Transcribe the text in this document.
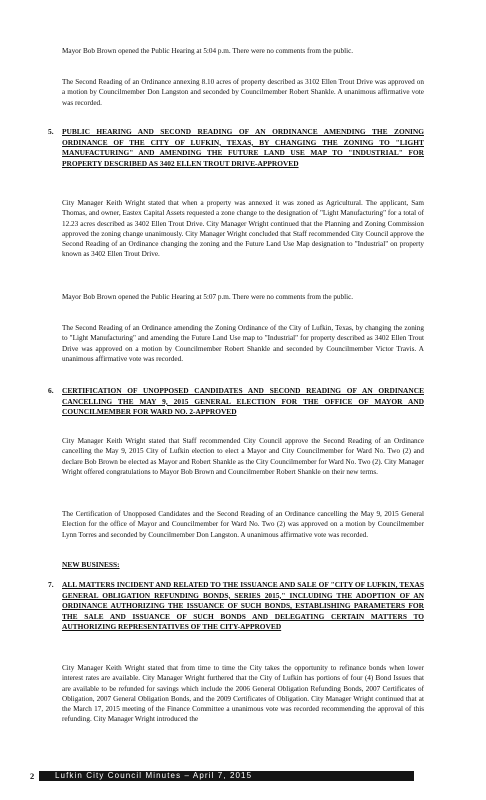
Mayor Bob Brown opened the Public Hearing at 5:04 p.m. There were no comments from the public.

The Second Reading of an Ordinance annexing 8.10 acres of property described as 3102 Ellen Trout Drive was approved on a motion by Councilmember Don Langston and seconded by Councilmember Robert Shankle. A unanimous affirmative vote was recorded.

5. PUBLIC HEARING AND SECOND READING OF AN ORDINANCE AMENDING THE ZONING ORDINANCE OF THE CITY OF LUFKIN, TEXAS, BY CHANGING THE ZONING TO "LIGHT MANUFACTURING" AND AMENDING THE FUTURE LAND USE MAP TO "INDUSTRIAL" FOR PROPERTY DESCRIBED AS 3402 ELLEN TROUT DRIVE-APPROVED

City Manager Keith Wright stated that when a property was annexed it was zoned as Agricultural. The applicant, Sam Thomas, and owner, Eastex Capital Assets requested a zone change to the designation of "Light Manufacturing" for a total of 12.23 acres described as 3402 Ellen Trout Drive. City Manager Wright continued that the Planning and Zoning Commission approved the zoning change unanimously. City Manager Wright concluded that Staff recommended City Council approve the Second Reading of an Ordinance changing the zoning and the Future Land Use Map designation to "Industrial" on property known as 3402 Ellen Trout Drive.

Mayor Bob Brown opened the Public Hearing at 5:07 p.m. There were no comments from the public.

The Second Reading of an Ordinance amending the Zoning Ordinance of the City of Lufkin, Texas, by changing the zoning to "Light Manufacturing" and amending the Future Land Use map to "Industrial" for property described as 3402 Ellen Trout Drive was approved on a motion by Councilmember Robert Shankle and seconded by Councilmember Victor Travis. A unanimous affirmative vote was recorded.

6. CERTIFICATION OF UNOPPOSED CANDIDATES AND SECOND READING OF AN ORDINANCE CANCELLING THE MAY 9, 2015 GENERAL ELECTION FOR THE OFFICE OF MAYOR AND COUNCILMEMBER FOR WARD NO. 2-APPROVED

City Manager Keith Wright stated that Staff recommended City Council approve the Second Reading of an Ordinance cancelling the May 9, 2015 City of Lufkin election to elect a Mayor and City Councilmember for Ward No. Two (2) and declare Bob Brown be elected as Mayor and Robert Shankle as the City Councilmember for Ward No. Two (2). City Manager Wright offered congratulations to Mayor Bob Brown and Councilmember Robert Shankle on their new terms.

The Certification of Unopposed Candidates and the Second Reading of an Ordinance cancelling the May 9, 2015 General Election for the office of Mayor and Councilmember for Ward No. Two (2) was approved on a motion by Councilmember Lynn Torres and seconded by Councilmember Don Langston. A unanimous affirmative vote was recorded.

NEW BUSINESS:

7. ALL MATTERS INCIDENT AND RELATED TO THE ISSUANCE AND SALE OF "CITY OF LUFKIN, TEXAS GENERAL OBLIGATION REFUNDING BONDS, SERIES 2015," INCLUDING THE ADOPTION OF AN ORDINANCE AUTHORIZING THE ISSUANCE OF SUCH BONDS, ESTABLISHING PARAMETERS FOR THE SALE AND ISSUANCE OF SUCH BONDS AND DELEGATING CERTAIN MATTERS TO AUTHORIZING REPRESENTATIVES OF THE CITY-APPROVED

City Manager Keith Wright stated that from time to time the City takes the opportunity to refinance bonds when lower interest rates are available. City Manager Wright furthered that the City of Lufkin has portions of four (4) Bond Issues that are available to be refunded for savings which include the 2006 General Obligation Refunding Bonds, 2007 Certificates of Obligation, 2007 General Obligation Bonds, and the 2009 Certificates of Obligation. City Manager Wright continued that at the March 17, 2015 meeting of the Finance Committee a unanimous vote was recorded recommending the approval of this refunding. City Manager Wright introduced the

2	Lufkin City Council Minutes – April 7, 2015
